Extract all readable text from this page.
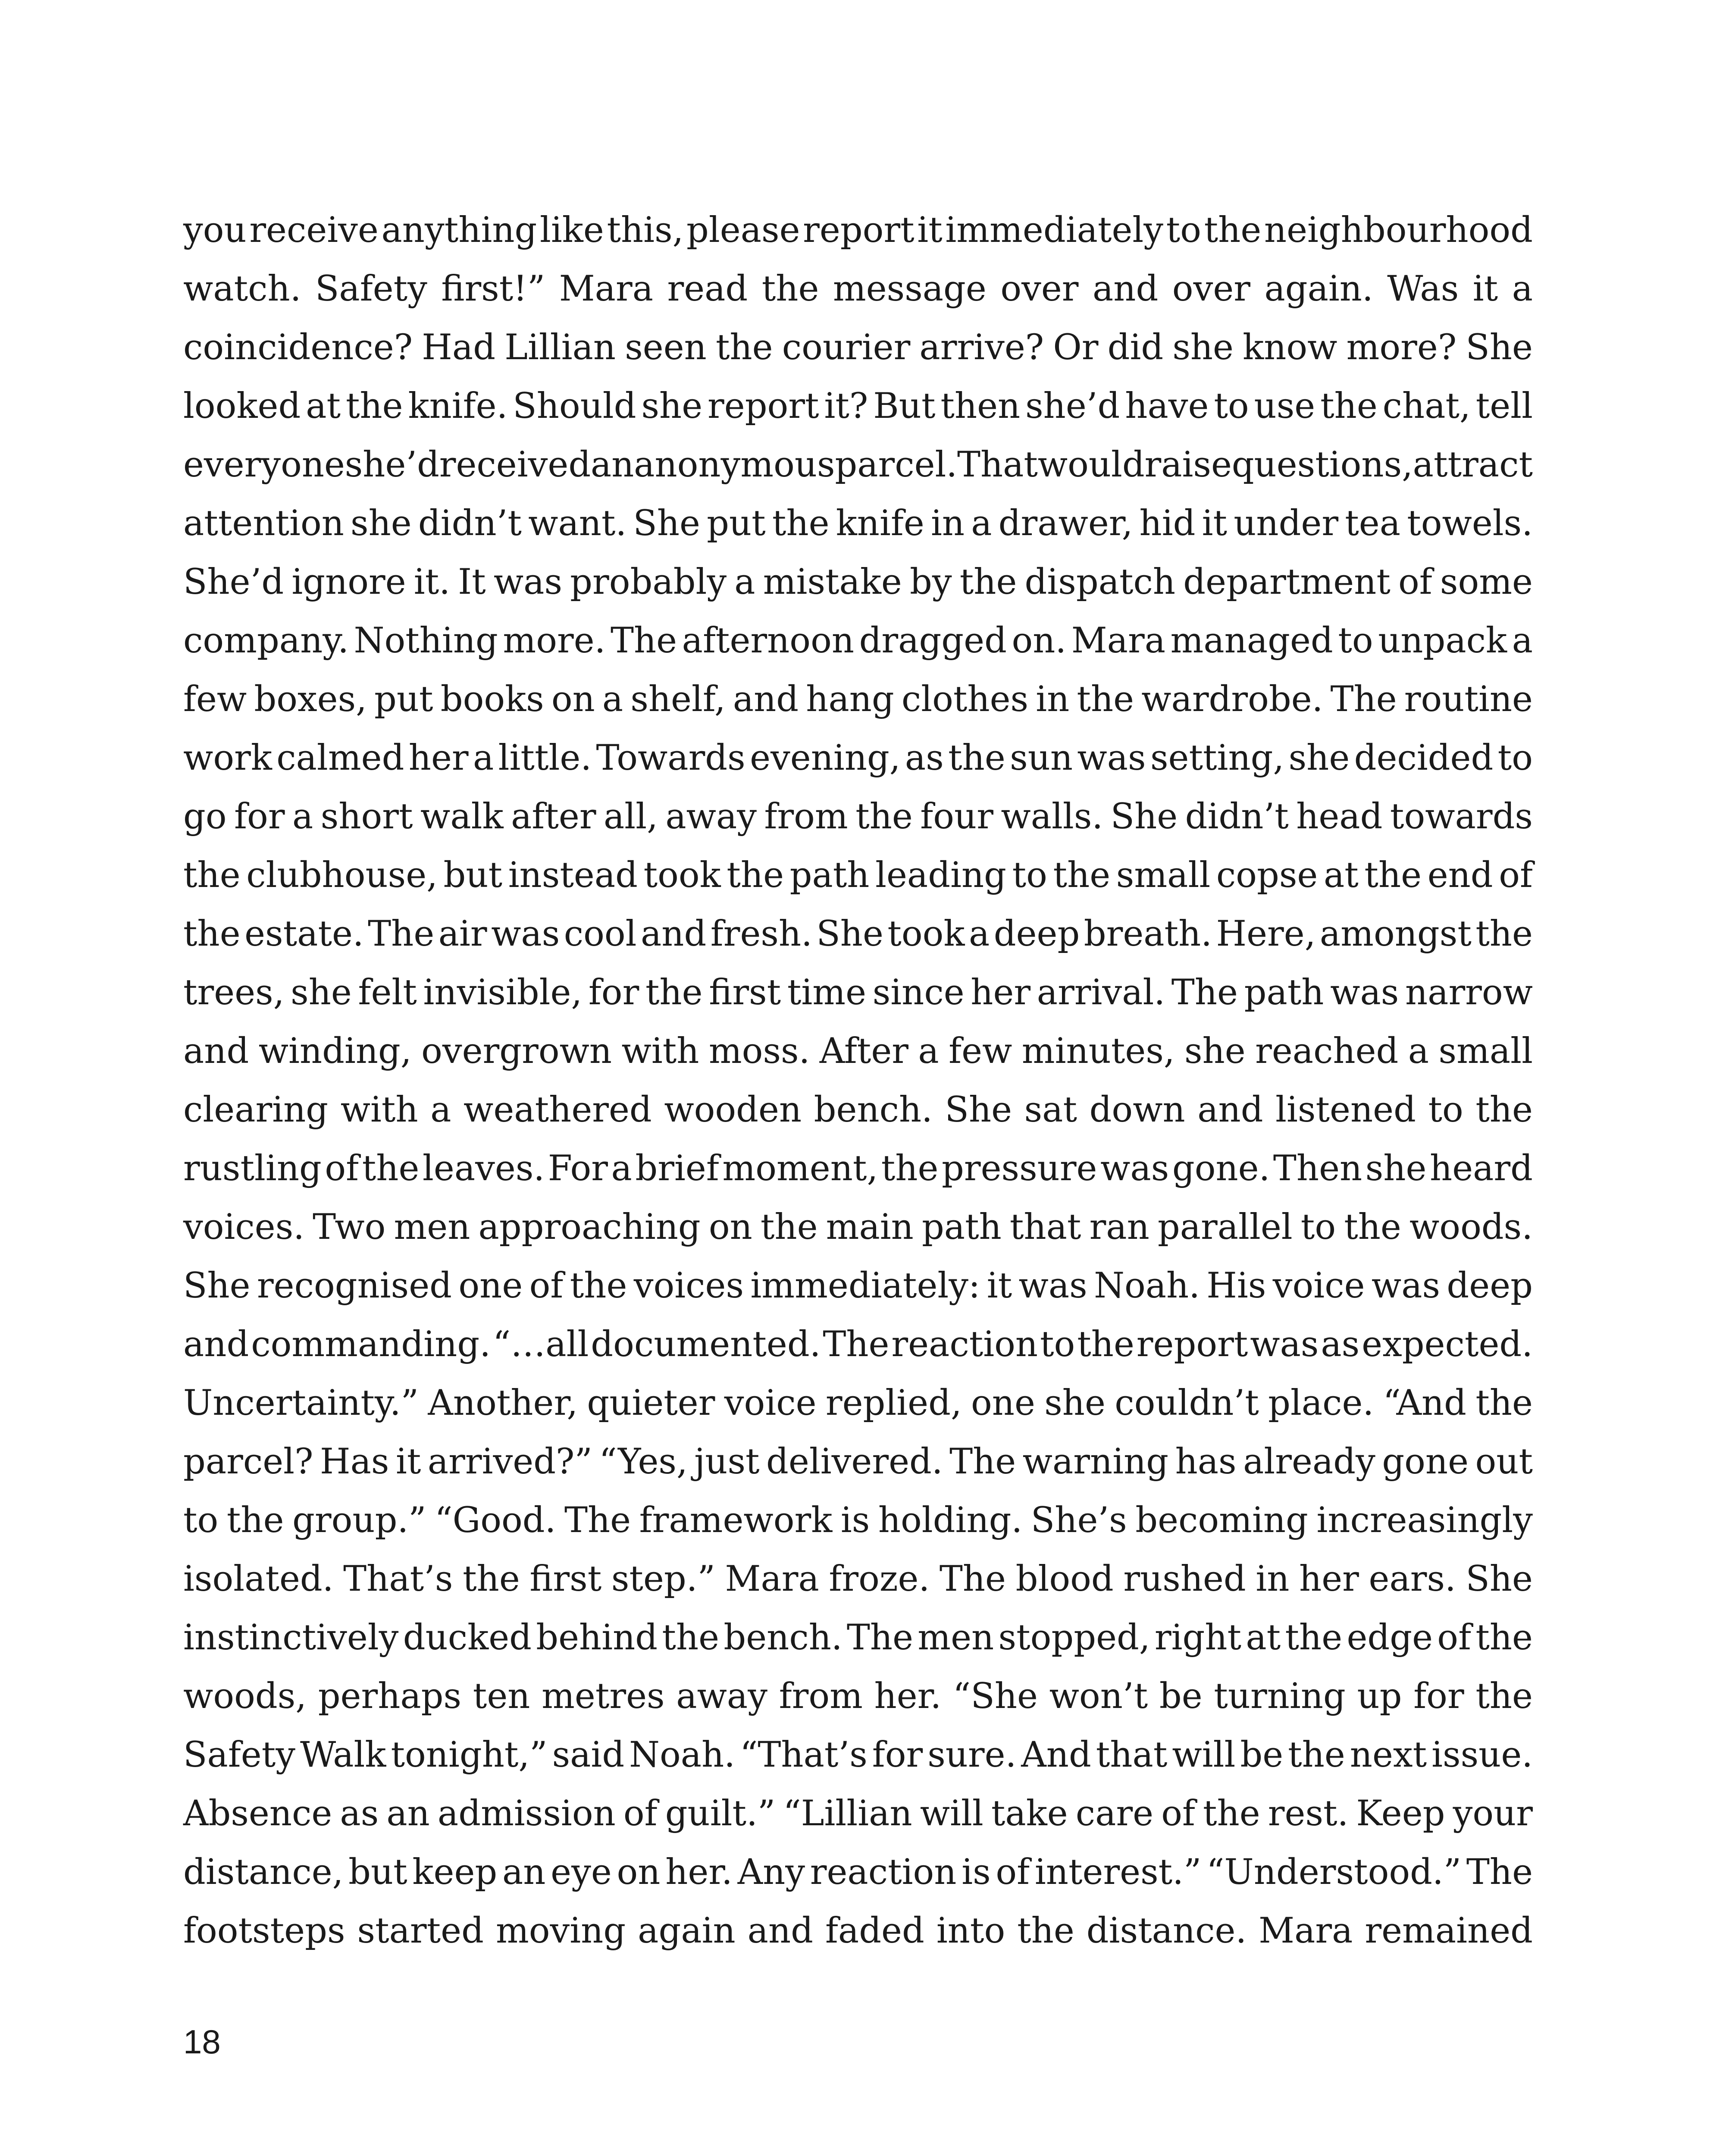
you receive anything like this, please report it immediately to the neighbourhood
watch. Safety first!” Mara read the message over and over again. Was it a
coincidence? Had Lillian seen the courier arrive? Or did she know more? She
looked at the knife. Should she report it? But then she’d have to use the chat, tell
everyone she’d received an anonymous parcel. That would raise questions, attract
attention she didn’t want. She put the knife in a drawer, hid it under tea towels.
She’d ignore it. It was probably a mistake by the dispatch department of some
company. Nothing more. The afternoon dragged on. Mara managed to unpack a
few boxes, put books on a shelf, and hang clothes in the wardrobe. The routine
work calmed her a little. Towards evening, as the sun was setting, she decided to
go for a short walk after all, away from the four walls. She didn’t head towards
the clubhouse, but instead took the path leading to the small copse at the end of
the estate. The air was cool and fresh. She took a deep breath. Here, amongst the
trees, she felt invisible, for the first time since her arrival. The path was narrow
and winding, overgrown with moss. After a few minutes, she reached a small
clearing with a weathered wooden bench. She sat down and listened to the
rustling of the leaves. For a brief moment, the pressure was gone. Then she heard
voices. Two men approaching on the main path that ran parallel to the woods.
She recognised one of the voices immediately: it was Noah. His voice was deep
and commanding. “…all documented. The reaction to the report was as expected.
Uncertainty.” Another, quieter voice replied, one she couldn’t place. “And the
parcel? Has it arrived?” “Yes, just delivered. The warning has already gone out
to the group.” “Good. The framework is holding. She’s becoming increasingly
isolated. That’s the first step.” Mara froze. The blood rushed in her ears. She
instinctively ducked behind the bench. The men stopped, right at the edge of the
woods, perhaps ten metres away from her. “She won’t be turning up for the
Safety Walk tonight,” said Noah. “That’s for sure. And that will be the next issue.
Absence as an admission of guilt.” “Lillian will take care of the rest. Keep your
distance, but keep an eye on her. Any reaction is of interest.” “Understood.” The
footsteps started moving again and faded into the distance. Mara remained
18
